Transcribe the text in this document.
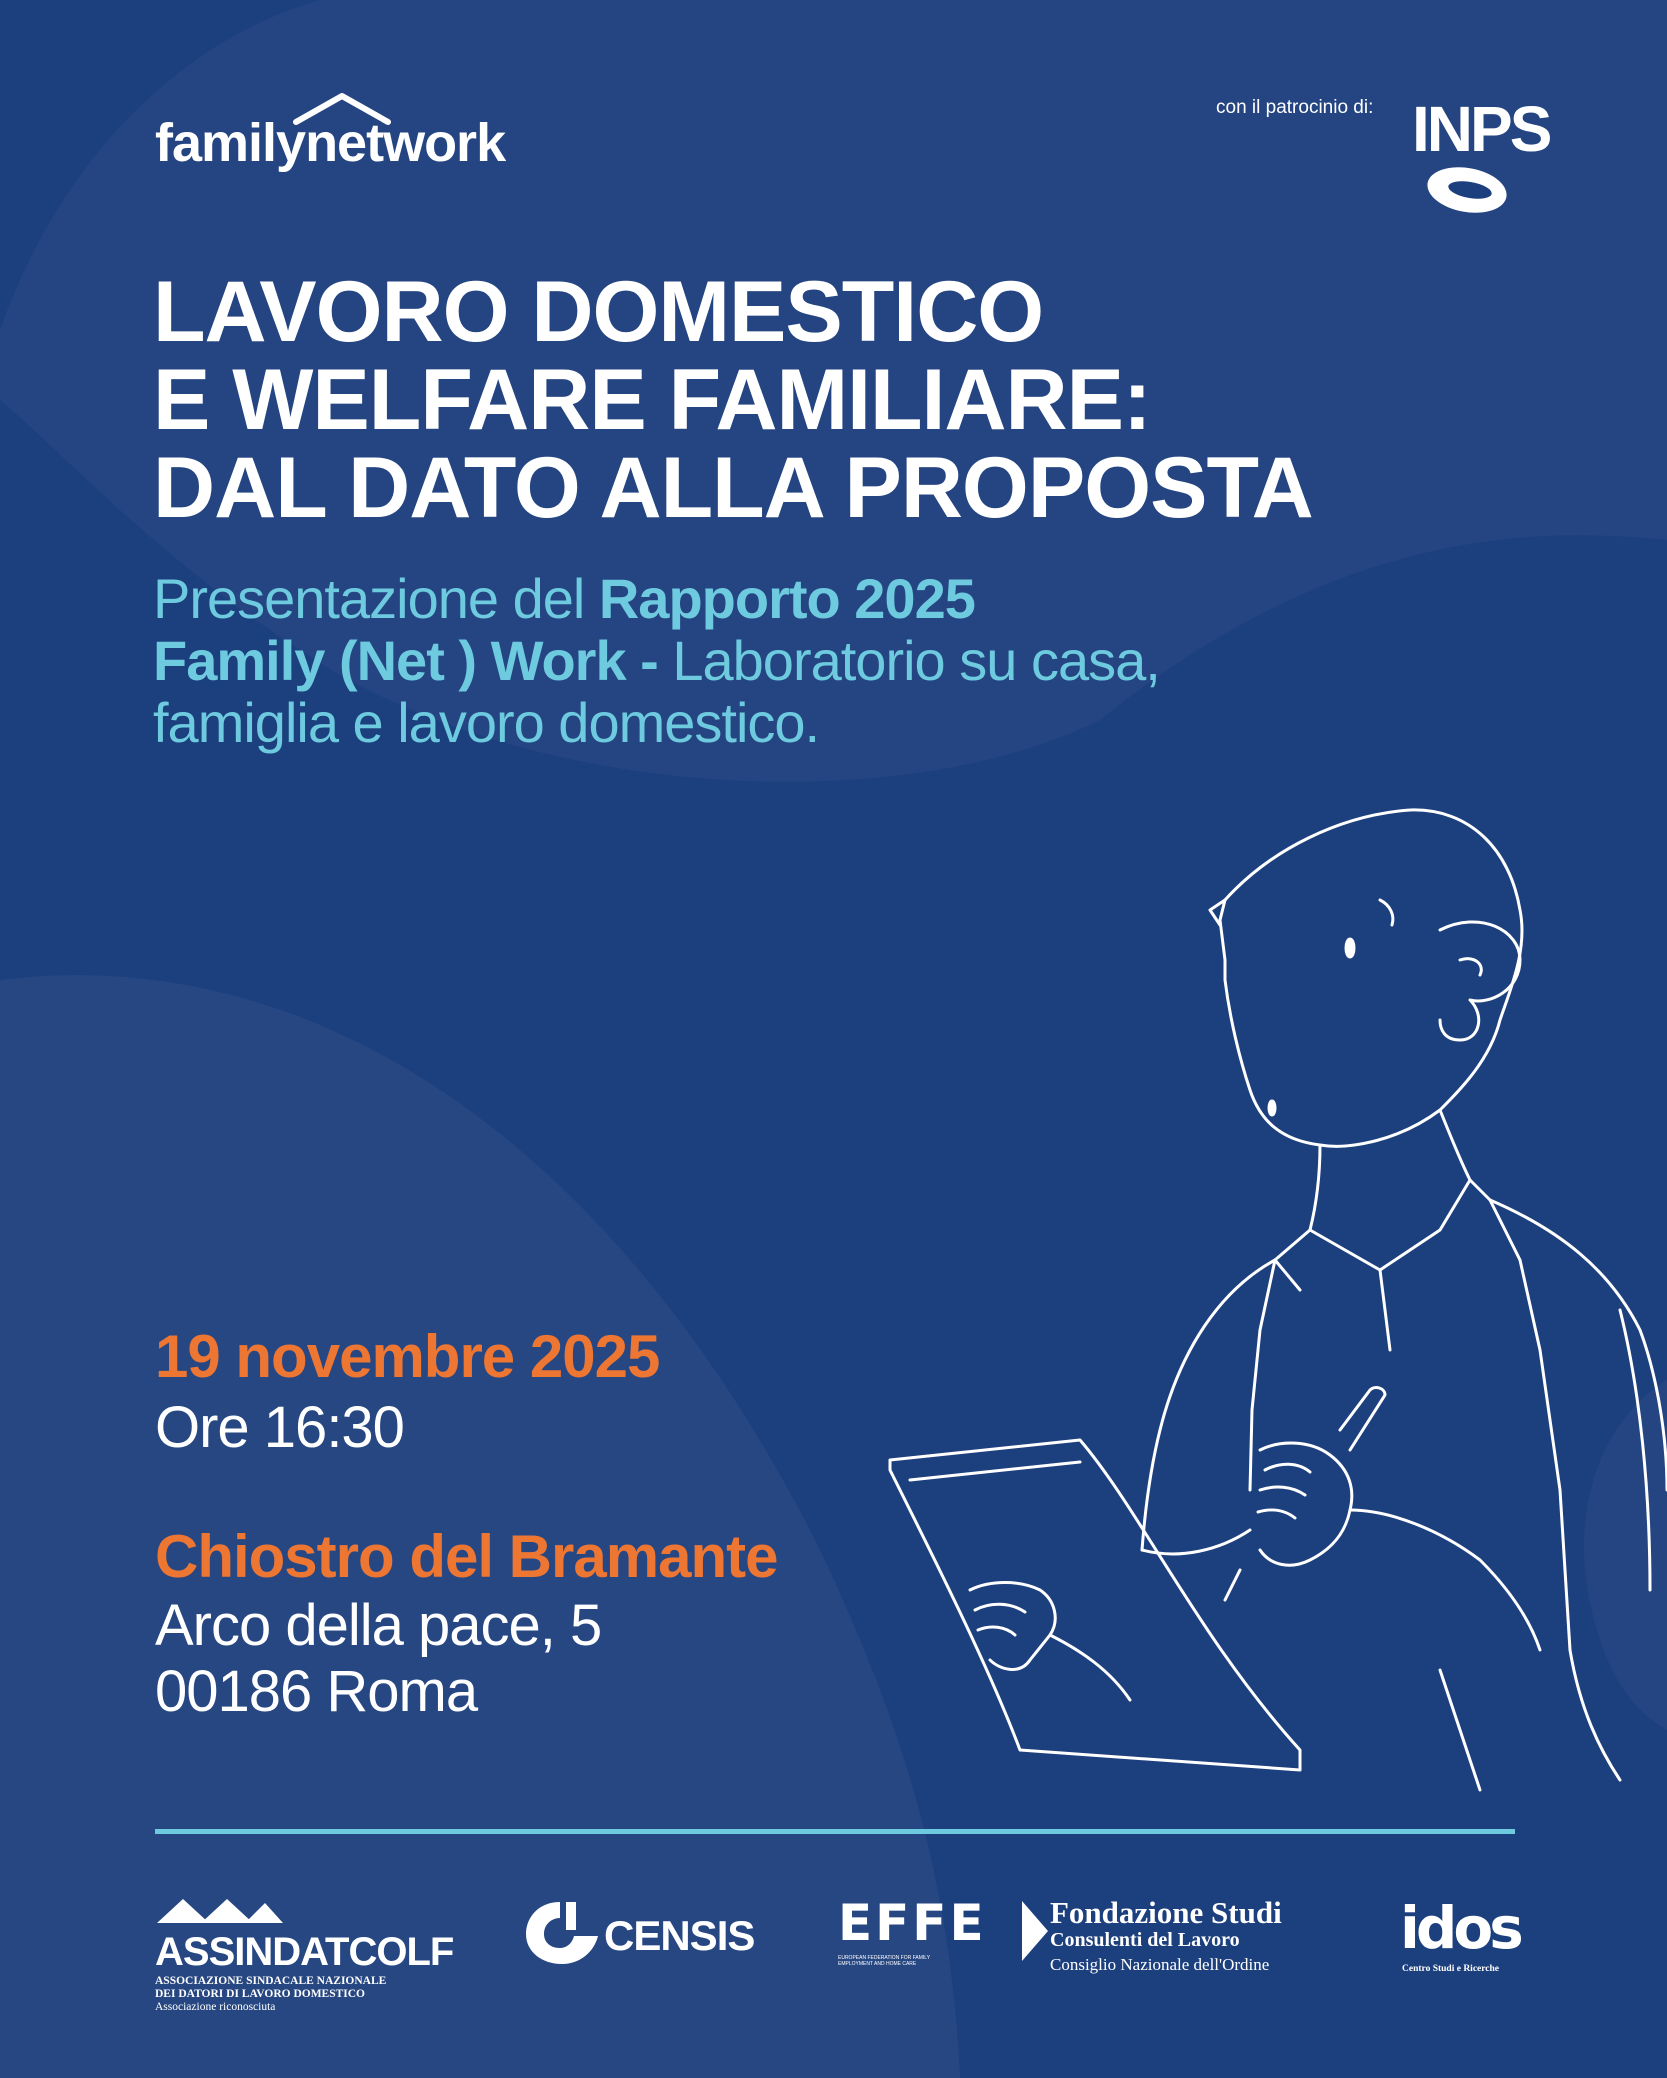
familynetwork
con il patrocinio di: INPS
LAVORO DOMESTICO
E WELFARE FAMILIARE:
DAL DATO ALLA PROPOSTA
Presentazione del Rapporto 2025
Family (Net ) Work - Laboratorio su casa,
famiglia e lavoro domestico.
19 novembre 2025
Ore 16:30
Chiostro del Bramante
Arco della pace, 5
00186 Roma
ASSINDATCOLF
ASSOCIAZIONE SINDACALE NAZIONALE
DEI DATORI DI LAVORO DOMESTICO
Associazione riconosciuta
CENSIS EFFE
EUROPEAN FEDERATION FOR FAMILY EMPLOYMENT AND HOME CARE
Fondazione Studi
Consulenti del Lavoro
Consiglio Nazionale dell'Ordine
idos
Centro Studi e Ricerche
